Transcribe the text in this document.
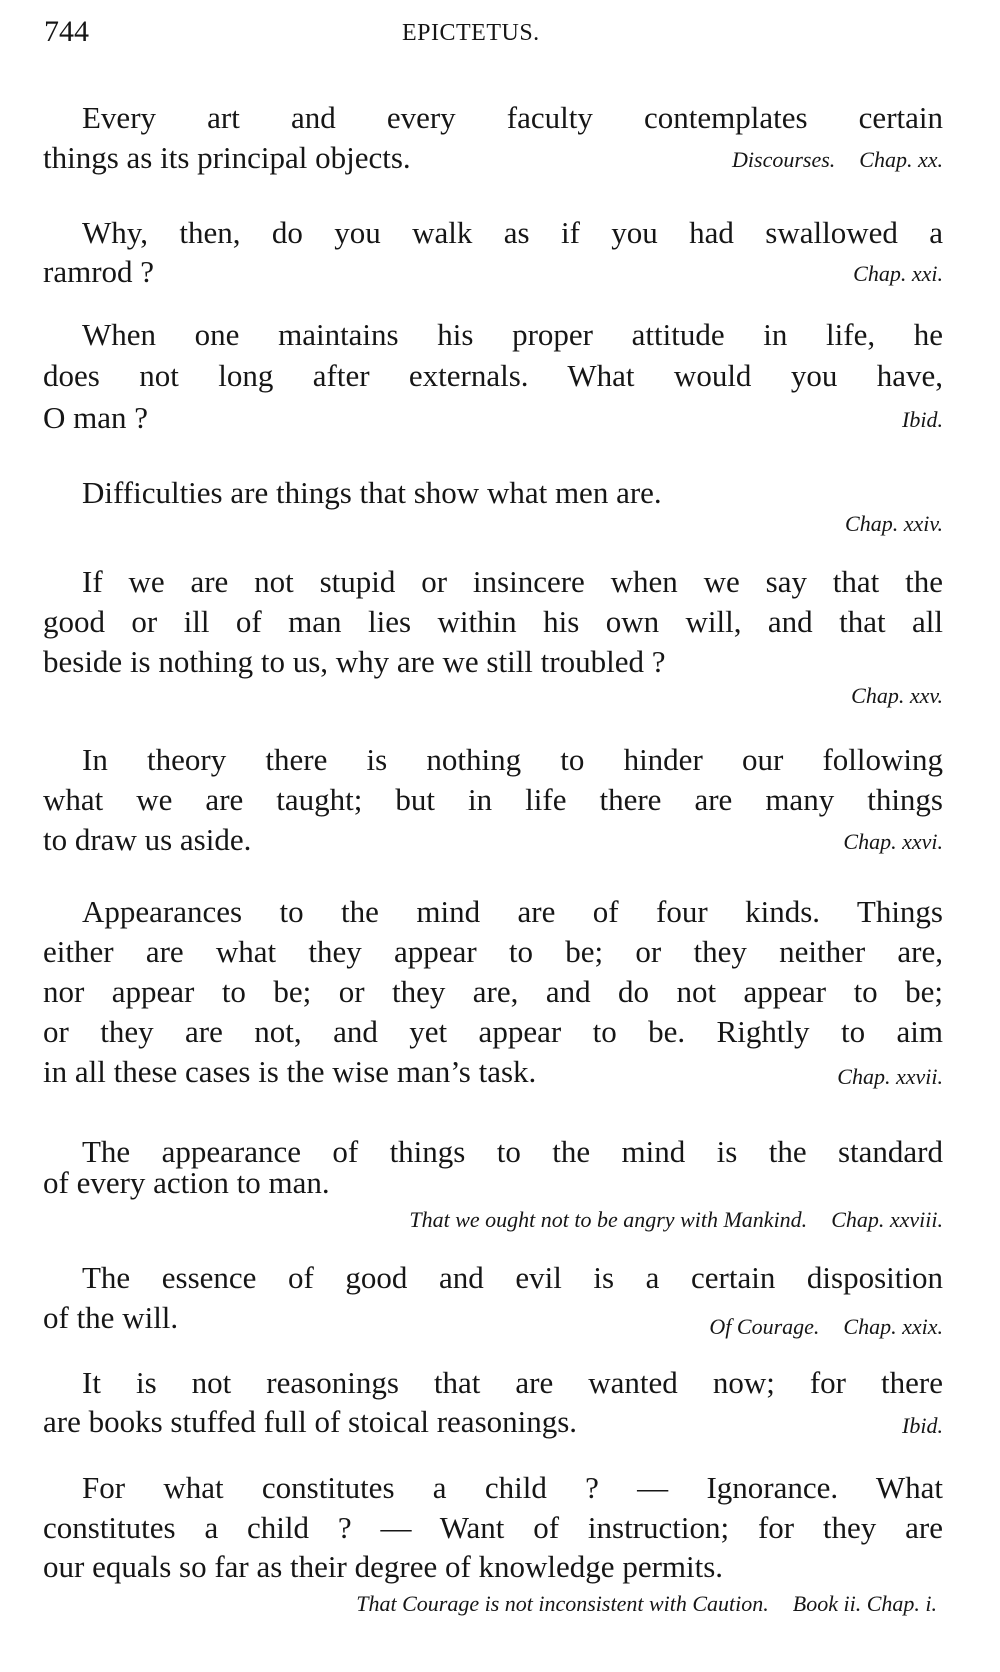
744	EPICTETUS.
Every art and every faculty contemplates certain
things as its principal objects.	Discourses. Chap. xx.
Why, then, do you walk as if you had swallowed a
ramrod ?	Chap. xxi.
When one maintains his proper attitude in life, he
does not long after externals. What would you have,
O man ?	Ibid.
Difficulties are things that show what men are.
Chap. xxiv.
If we are not stupid or insincere when we say that the
good or ill of man lies within his own will, and that all
beside is nothing to us, why are we still troubled ?
Chap. xxv.
In theory there is nothing to hinder our following
what we are taught; but in life there are many things
to draw us aside.	Chap. xxvi.
Appearances to the mind are of four kinds. Things
either are what they appear to be; or they neither are,
nor appear to be; or they are, and do not appear to be;
or they are not, and yet appear to be. Rightly to aim
in all these cases is the wise man’s task.	Chap. xxvii.
The appearance of things to the mind is the standard
of every action to man.
That we ought not to be angry with Mankind. Chap. xxviii.
The essence of good and evil is a certain disposition
of the will.	Of Courage. Chap. xxix.
It is not reasonings that are wanted now; for there
are books stuffed full of stoical reasonings.	Ibid.
For what constitutes a child ? — Ignorance. What
constitutes a child ? — Want of instruction; for they are
our equals so far as their degree of knowledge permits.
That Courage is not inconsistent with Caution. Book ii. Chap. i.
